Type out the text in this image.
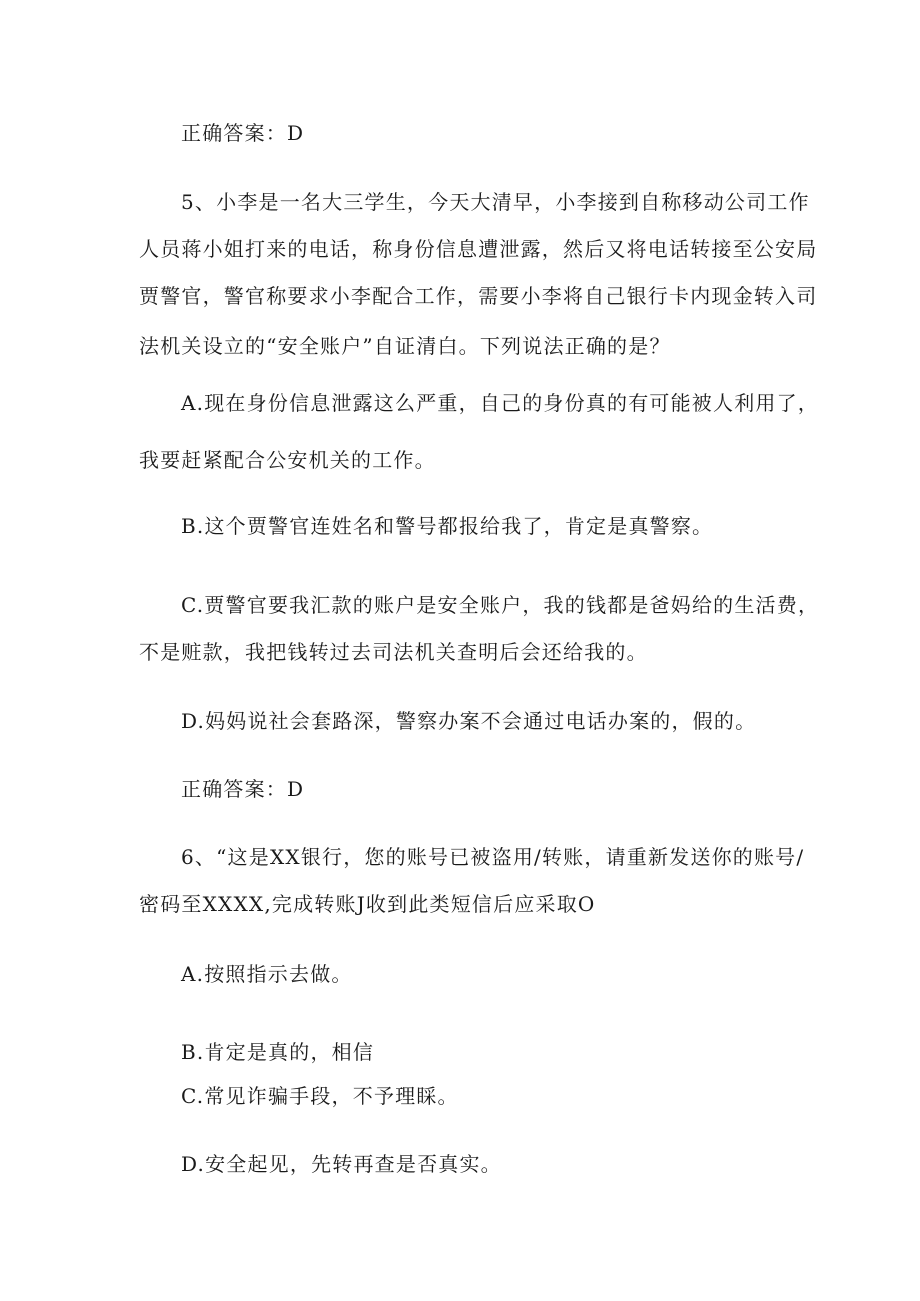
正确答案：D
5、小李是一名大三学生，今天大清早，小李接到自称移动公司工作
人员蒋小姐打来的电话，称身份信息遭泄露，然后又将电话转接至公安局
贾警官，警官称要求小李配合工作，需要小李将自己银行卡内现金转入司
法机关设立的“安全账户”自证清白。下列说法正确的是？
A.现在身份信息泄露这么严重，自己的身份真的有可能被人利用了，
我要赶紧配合公安机关的工作。
B.这个贾警官连姓名和警号都报给我了，肯定是真警察。
C.贾警官要我汇款的账户是安全账户，我的钱都是爸妈给的生活费，
不是赃款，我把钱转过去司法机关查明后会还给我的。
D.妈妈说社会套路深，警察办案不会通过电话办案的，假的。
正确答案：D
6、“这是XX银行，您的账号已被盗用/转账，请重新发送你的账号/
密码至XXXX,完成转账J收到此类短信后应采取O
A.按照指示去做。
B.肯定是真的，相信
C.常见诈骗手段，不予理睬。
D.安全起见，先转再查是否真实。
